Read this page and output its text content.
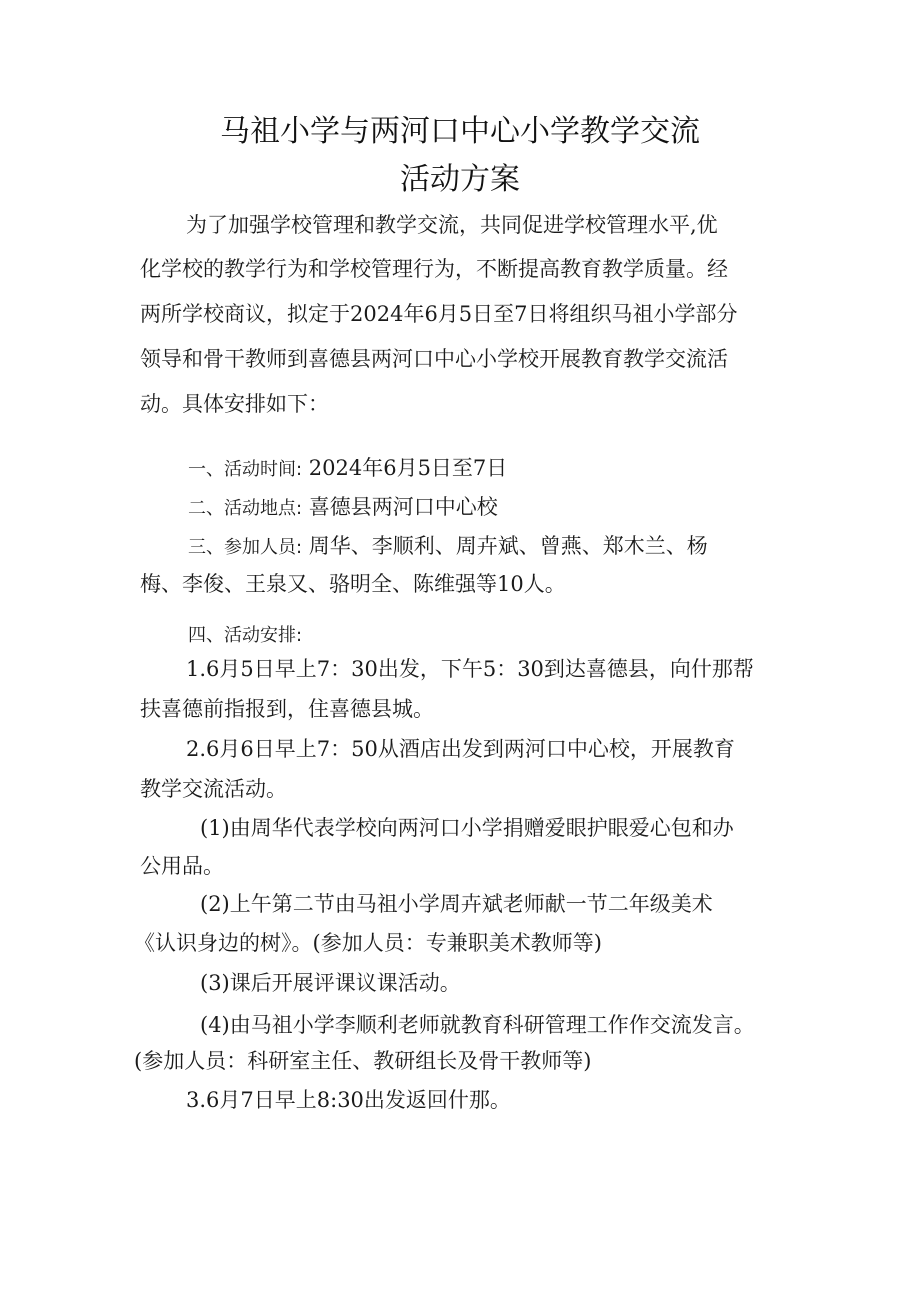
马祖小学与两河口中心小学教学交流
活动方案
为了加强学校管理和教学交流，共同促进学校管理水平,优
化学校的教学行为和学校管理行为，不断提高教育教学质量。经
两所学校商议，拟定于2024年6月5日至7日将组织马祖小学部分
领导和骨干教师到喜德县两河口中心小学校开展教育教学交流活
动。具体安排如下：
一、活动时间: 2024年6月5日至7日
二、活动地点: 喜德县两河口中心校
三、参加人员: 周华、李顺利、周卉斌、曾燕、郑木兰、杨
梅、李俊、王泉又、骆明全、陈维强等10人。
四、活动安排:
1.6月5日早上7：30出发，下午5：30到达喜德县，向什那帮
扶喜德前指报到，住喜德县城。
2.6月6日早上7：50从酒店出发到两河口中心校，开展教育
教学交流活动。
(1)由周华代表学校向两河口小学捐赠爱眼护眼爱心包和办
公用品。
(2)上午第二节由马祖小学周卉斌老师献一节二年级美术
《认识身边的树》。(参加人员：专兼职美术教师等)
(3)课后开展评课议课活动。
(4)由马祖小学李顺利老师就教育科研管理工作作交流发言。
(参加人员：科研室主任、教研组长及骨干教师等)
3.6月7日早上8:30出发返回什那。
